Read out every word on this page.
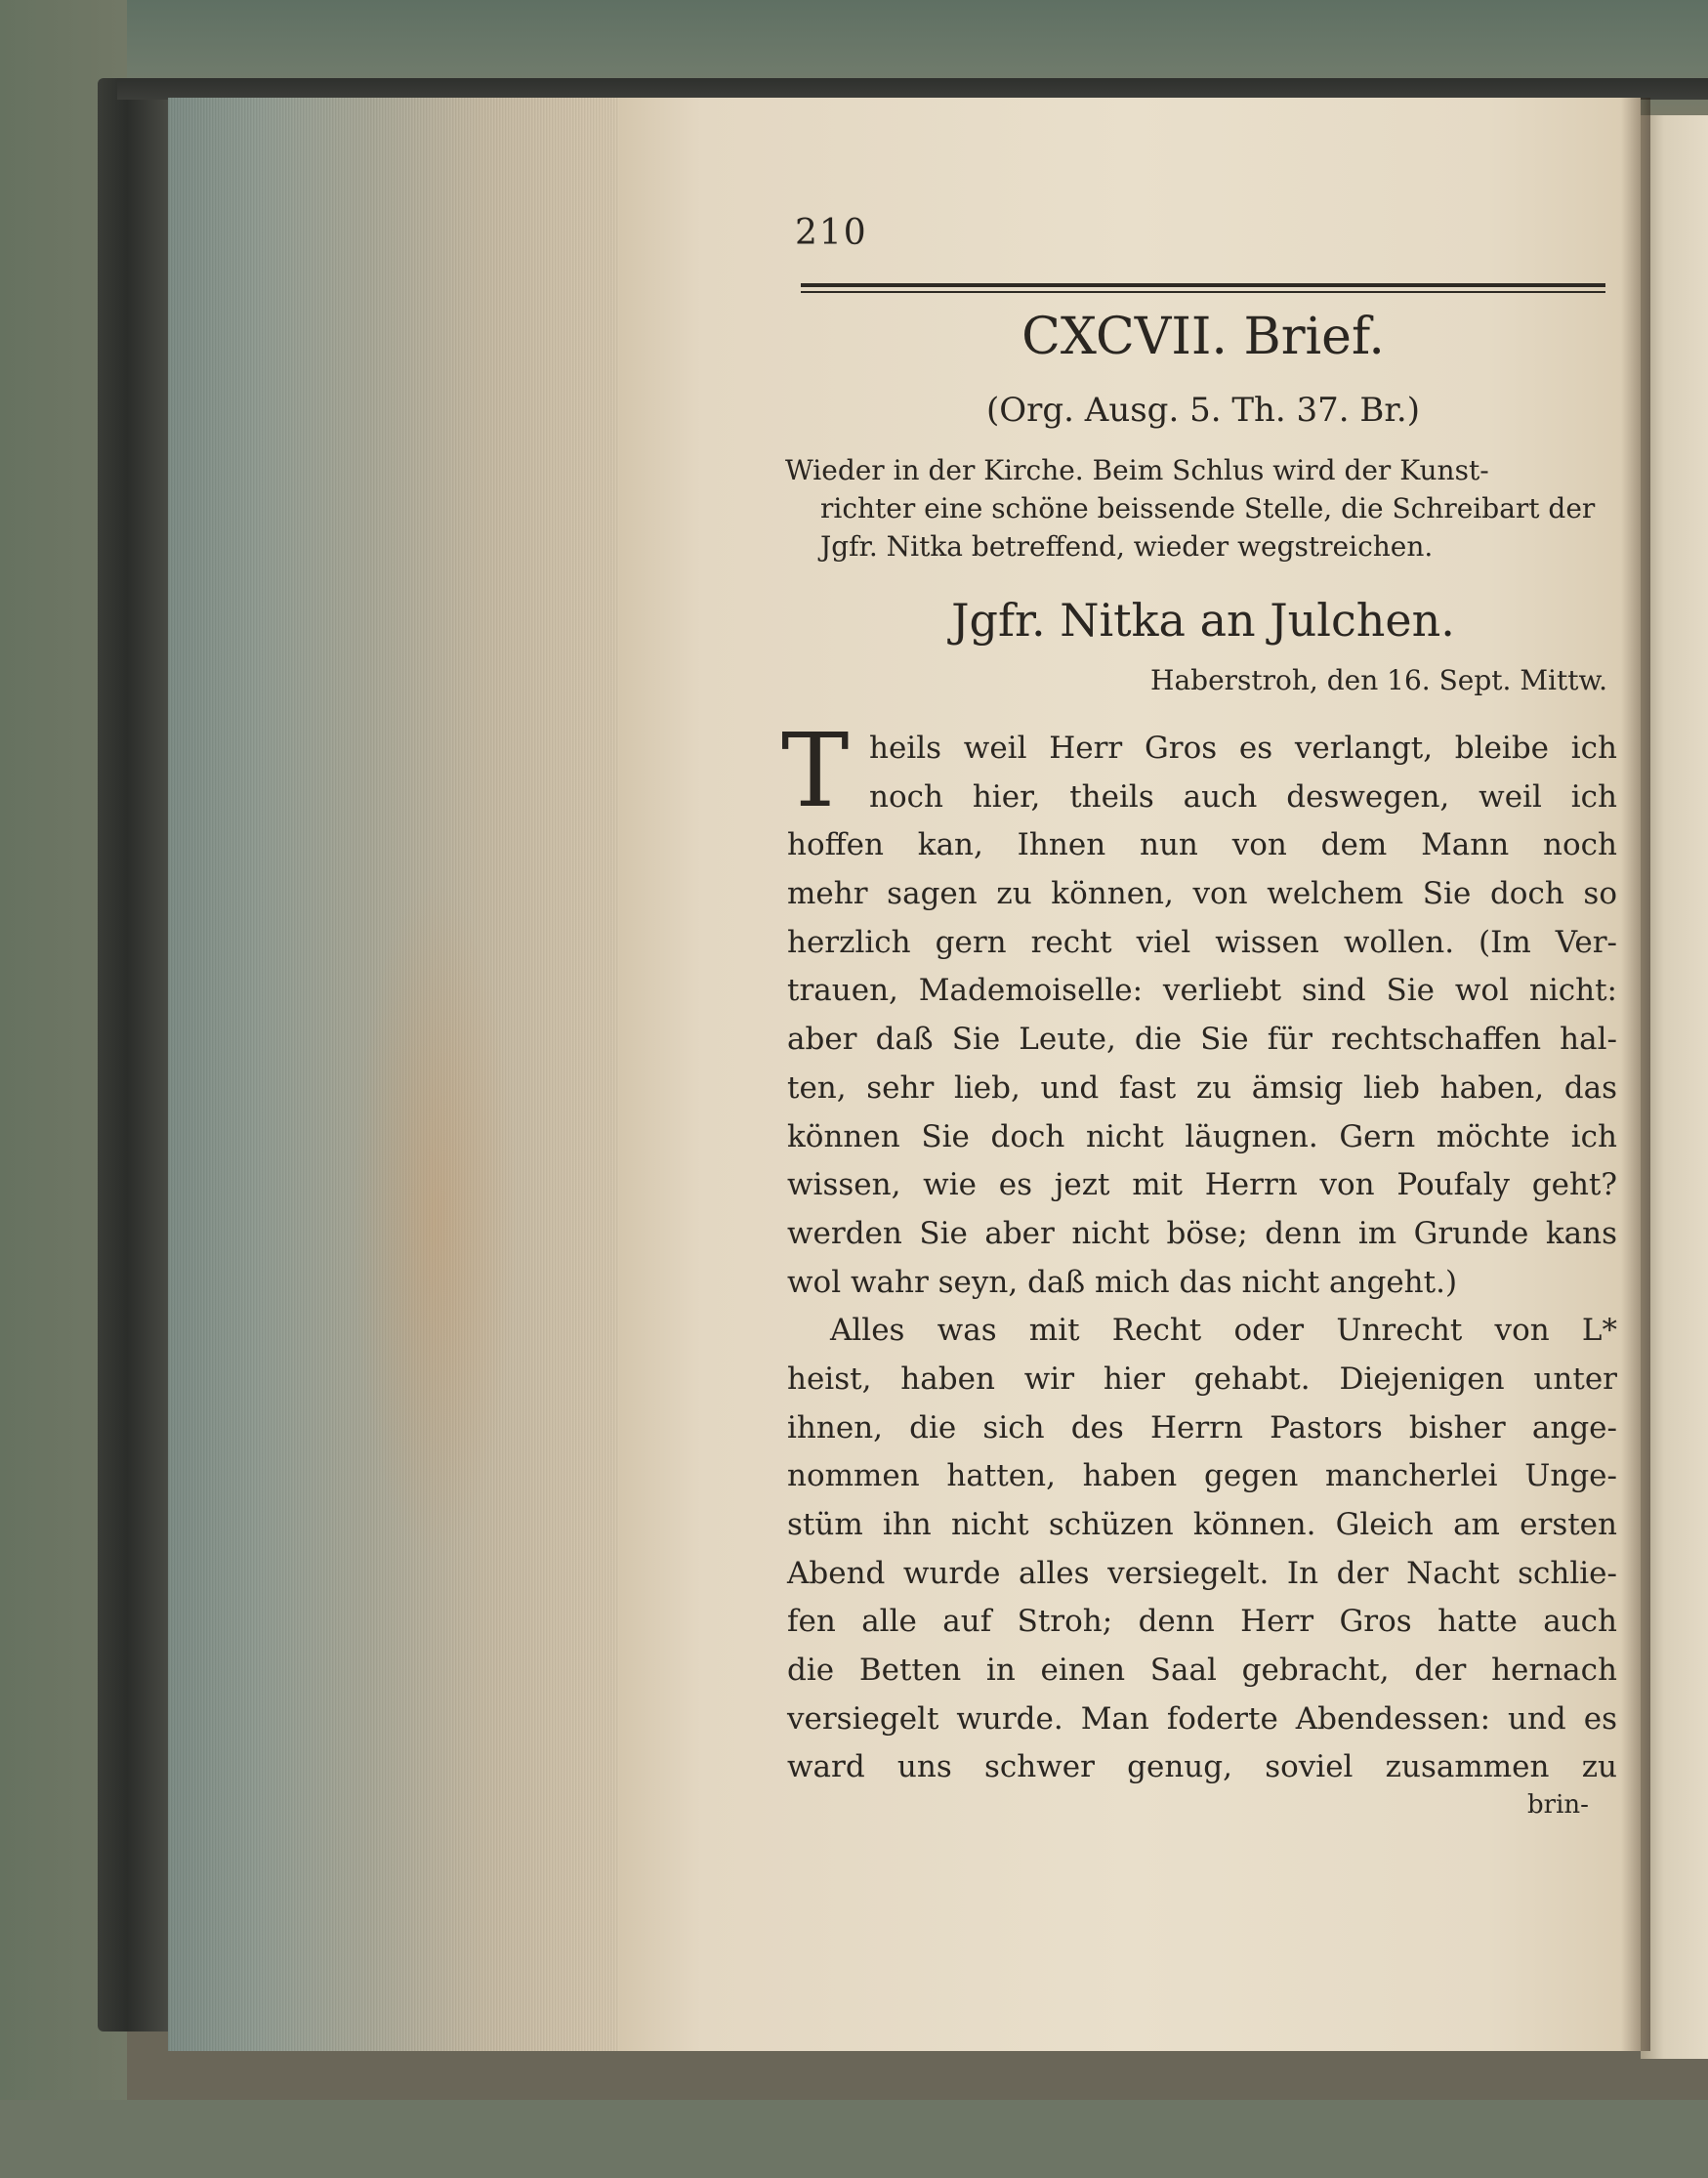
210
CXCVII. Brief.
(Org. Ausg. 5. Th. 37. Br.)
Wieder in der Kirche. Beim Schlus wird der Kunst-
richter eine schöne beissende Stelle, die Schreibart der
Jgfr. Nitka betreffend, wieder wegstreichen.
Jgfr. Nitka an Julchen.
Haberstroh, den 16. Sept. Mittw.
T heils weil Herr Gros es verlangt, bleibe ich
noch hier, theils auch deswegen, weil ich
hoffen kan, Ihnen nun von dem Mann noch
mehr sagen zu können, von welchem Sie doch so
herzlich gern recht viel wissen wollen. (Im Ver-
trauen, Mademoiselle: verliebt sind Sie wol nicht:
aber daß Sie Leute, die Sie für rechtschaffen hal-
ten, sehr lieb, und fast zu ämsig lieb haben, das
können Sie doch nicht läugnen. Gern möchte ich
wissen, wie es jezt mit Herrn von Poufaly geht?
werden Sie aber nicht böse; denn im Grunde kans
wol wahr seyn, daß mich das nicht angeht.)
Alles was mit Recht oder Unrecht von L*
heist, haben wir hier gehabt. Diejenigen unter
ihnen, die sich des Herrn Pastors bisher ange-
nommen hatten, haben gegen mancherlei Unge-
stüm ihn nicht schüzen können. Gleich am ersten
Abend wurde alles versiegelt. In der Nacht schlie-
fen alle auf Stroh; denn Herr Gros hatte auch
die Betten in einen Saal gebracht, der hernach
versiegelt wurde. Man foderte Abendessen: und es
ward uns schwer genug, soviel zusammen zu
brin-
